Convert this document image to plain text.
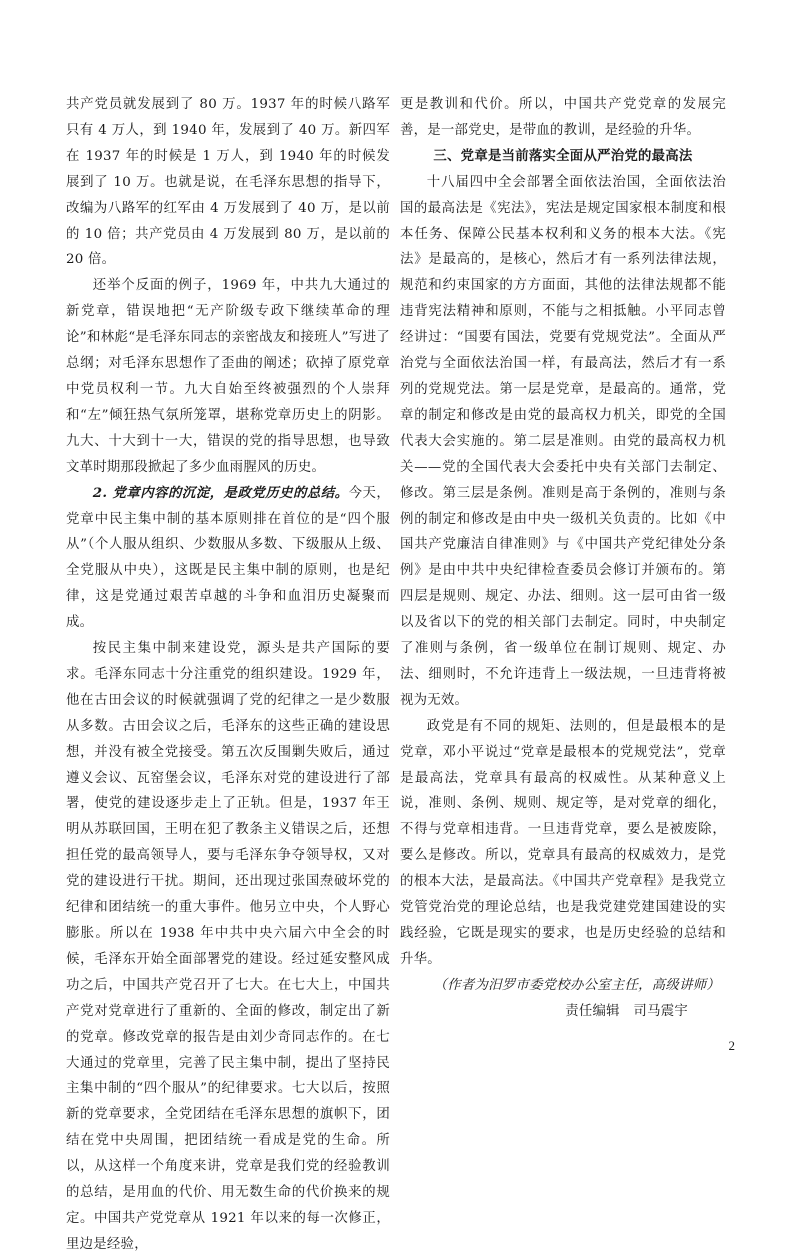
共产党员就发展到了 80 万。1937 年的时候八路军只有 4 万人，到 1940 年，发展到了 40 万。新四军在 1937 年的时候是 1 万人，到 1940 年的时候发展到了 10 万。也就是说，在毛泽东思想的指导下，改编为八路军的红军由 4 万发展到了 40 万，是以前的 10 倍；共产党员由 4 万发展到 80 万，是以前的 20 倍。

还举个反面的例子，1969 年，中共九大通过的新党章，错误地把“无产阶级专政下继续革命的理论”和林彪“是毛泽东同志的亲密战友和接班人”写进了总纲；对毛泽东思想作了歪曲的阐述；砍掉了原党章中党员权利一节。九大自始至终被强烈的个人崇拜和“左”倾狂热气氛所笼罩，堪称党章历史上的阴影。九大、十大到十一大，错误的党的指导思想，也导致文革时期那段掀起了多少血雨腥风的历史。

2. 党章内容的沉淀，是政党历史的总结。今天，党章中民主集中制的基本原则排在首位的是“四个服从”（个人服从组织、少数服从多数、下级服从上级、全党服从中央），这既是民主集中制的原则，也是纪律，这是党通过艰苦卓越的斗争和血泪历史凝聚而成。

按民主集中制来建设党，源头是共产国际的要求。毛泽东同志十分注重党的组织建设。1929 年，他在古田会议的时候就强调了党的纪律之一是少数服从多数。古田会议之后，毛泽东的这些正确的建设思想，并没有被全党接受。第五次反围剿失败后，通过遵义会议、瓦窑堡会议，毛泽东对党的建设进行了部署，使党的建设逐步走上了正轨。但是，1937 年王明从苏联回国，王明在犯了教条主义错误之后，还想担任党的最高领导人，要与毛泽东争夺领导权，又对党的建设进行干扰。期间，还出现过张国焘破坏党的纪律和团结统一的重大事件。他另立中央，个人野心膨胀。所以在 1938 年中共中央六届六中全会的时候，毛泽东开始全面部署党的建设。经过延安整风成功之后，中国共产党召开了七大。在七大上，中国共产党对党章进行了重新的、全面的修改，制定出了新的党章。修改党章的报告是由刘少奇同志作的。在七大通过的党章里，完善了民主集中制，提出了坚持民主集中制的“四个服从”的纪律要求。七大以后，按照新的党章要求，全党团结在毛泽东思想的旗帜下，团结在党中央周围，把团结统一看成是党的生命。所以，从这样一个角度来讲，党章是我们党的经验教训的总结，是用血的代价、用无数生命的代价换来的规定。中国共产党党章从 1921 年以来的每一次修正，里边是经验，

更是教训和代价。所以，中国共产党党章的发展完善，是一部党史，是带血的教训，是经验的升华。

三、党章是当前落实全面从严治党的最高法

十八届四中全会部署全面依法治国，全面依法治国的最高法是《宪法》，宪法是规定国家根本制度和根本任务、保障公民基本权利和义务的根本大法。《宪法》是最高的，是核心，然后才有一系列法律法规，规范和约束国家的方方面面，其他的法律法规都不能违背宪法精神和原则，不能与之相抵触。小平同志曾经讲过：“国要有国法，党要有党规党法”。全面从严治党与全面依法治国一样，有最高法，然后才有一系列的党规党法。第一层是党章，是最高的。通常，党章的制定和修改是由党的最高权力机关，即党的全国代表大会实施的。第二层是准则。由党的最高权力机关——党的全国代表大会委托中央有关部门去制定、修改。第三层是条例。准则是高于条例的，准则与条例的制定和修改是由中央一级机关负责的。比如《中国共产党廉洁自律准则》与《中国共产党纪律处分条例》是由中共中央纪律检查委员会修订并颁布的。第四层是规则、规定、办法、细则。这一层可由省一级以及省以下的党的相关部门去制定。同时，中央制定了准则与条例，省一级单位在制订规则、规定、办法、细则时，不允许违背上一级法规，一旦违背将被视为无效。

政党是有不同的规矩、法则的，但是最根本的是党章，邓小平说过“党章是最根本的党规党法”，党章是最高法，党章具有最高的权威性。从某种意义上说，准则、条例、规则、规定等，是对党章的细化，不得与党章相违背。一旦违背党章，要么是被废除，要么是修改。所以，党章具有最高的权威效力，是党的根本大法，是最高法。《中国共产党章程》是我党立党管党治党的理论总结，也是我党建党建国建设的实践经验，它既是现实的要求，也是历史经验的总结和升华。

（作者为汨罗市委党校办公室主任，高级讲师）

责任编辑　司马震宇

2
